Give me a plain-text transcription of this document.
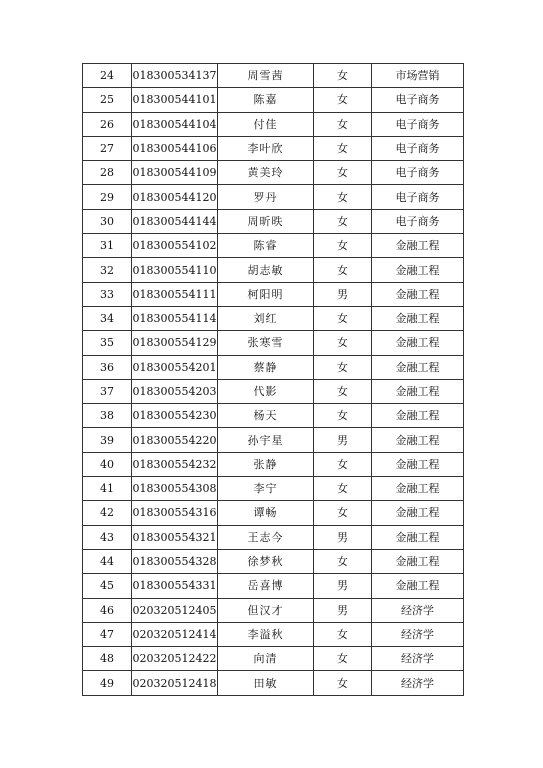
24	018300534137	周雪茜	女	市场营销
25	018300544101	陈嘉	女	电子商务
26	018300544104	付佳	女	电子商务
27	018300544106	李叶欣	女	电子商务
28	018300544109	黄美玲	女	电子商务
29	018300544120	罗丹	女	电子商务
30	018300544144	周昕昳	女	电子商务
31	018300554102	陈睿	女	金融工程
32	018300554110	胡志敏	女	金融工程
33	018300554111	柯阳明	男	金融工程
34	018300554114	刘红	女	金融工程
35	018300554129	张寒雪	女	金融工程
36	018300554201	蔡静	女	金融工程
37	018300554203	代影	女	金融工程
38	018300554230	杨天	女	金融工程
39	018300554220	孙宇星	男	金融工程
40	018300554232	张静	女	金融工程
41	018300554308	李宁	女	金融工程
42	018300554316	谭畅	女	金融工程
43	018300554321	王志今	男	金融工程
44	018300554328	徐梦秋	女	金融工程
45	018300554331	岳喜博	男	金融工程
46	020320512405	但汉才	男	经济学
47	020320512414	李溢秋	女	经济学
48	020320512422	向清	女	经济学
49	020320512418	田敏	女	经济学
